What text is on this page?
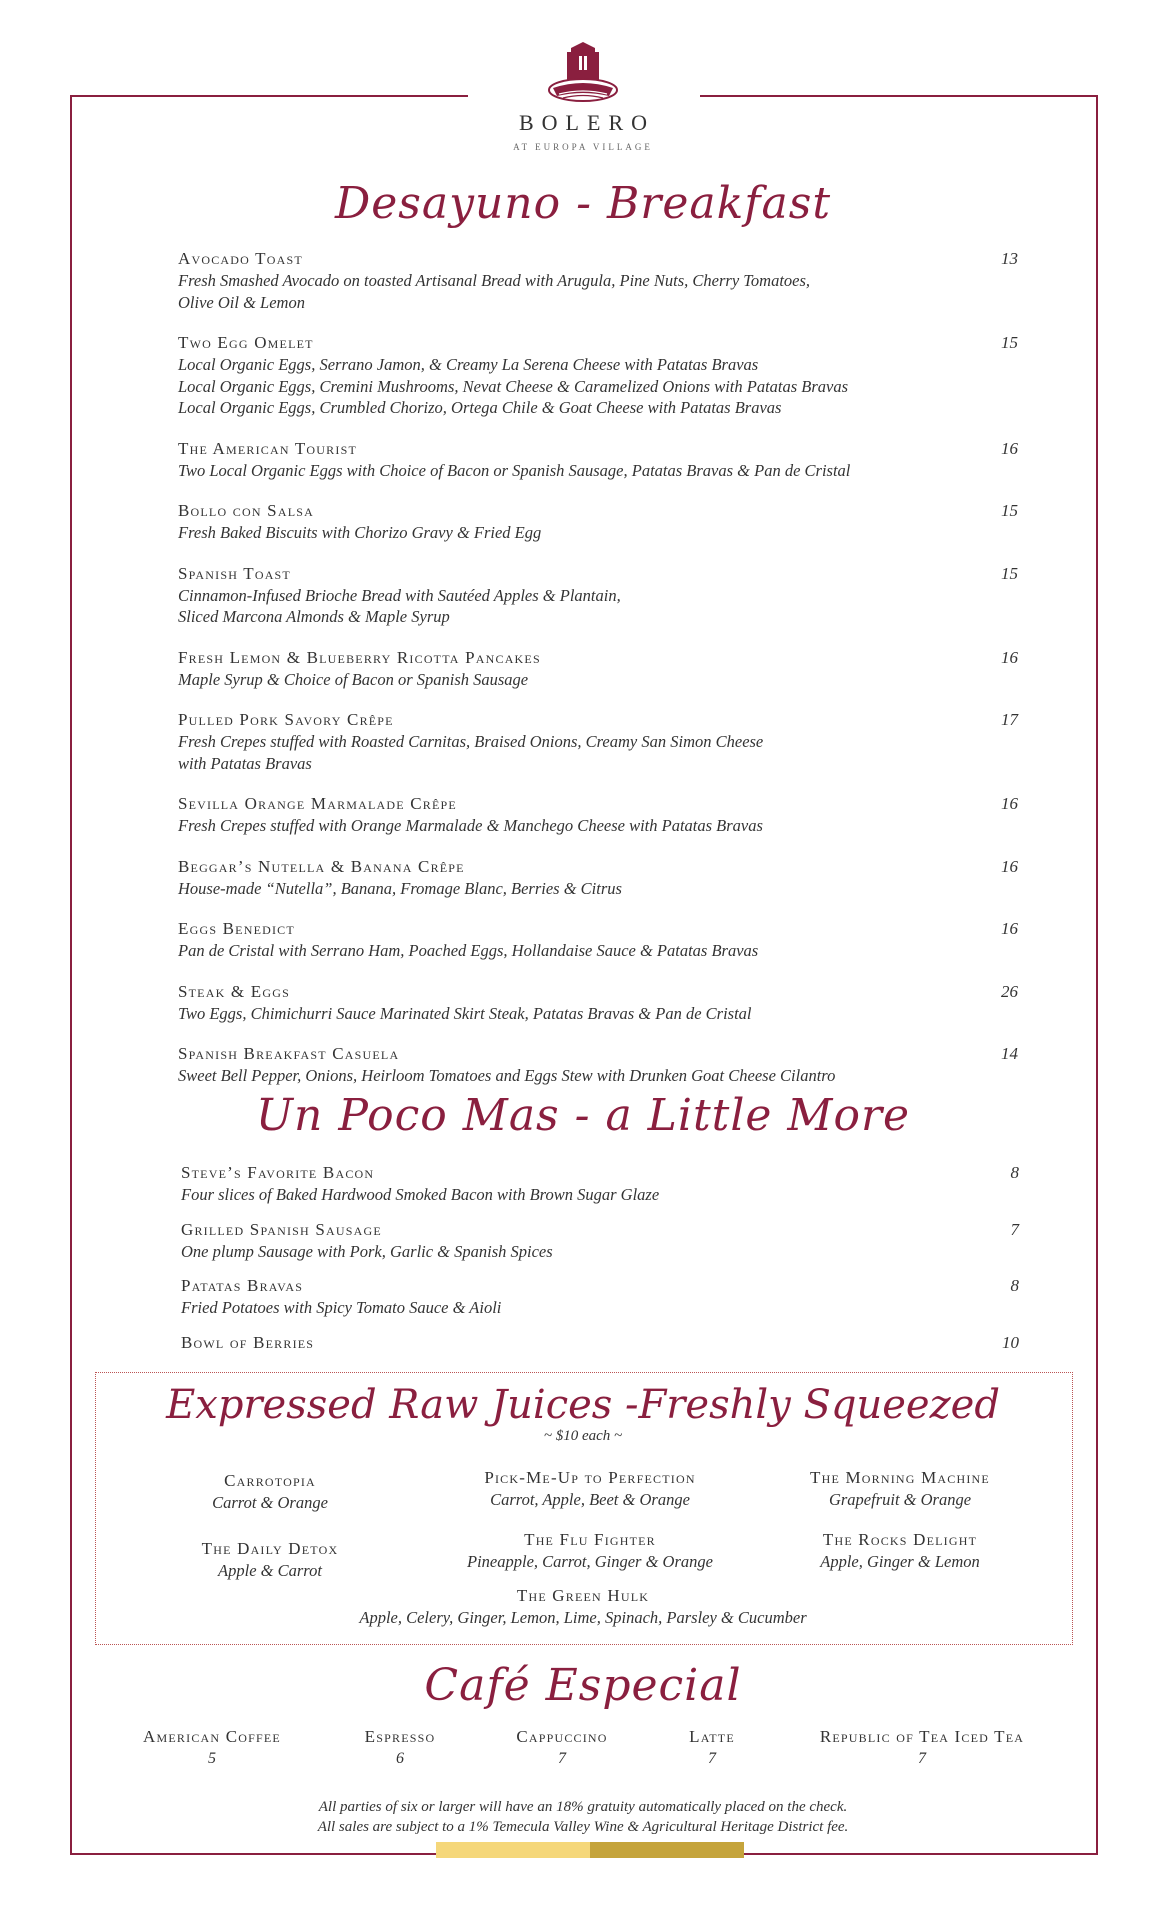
BOLERO
AT EUROPA VILLAGE
Desayuno - Breakfast
Avocado Toast	13
Fresh Smashed Avocado on toasted Artisanal Bread with Arugula, Pine Nuts, Cherry Tomatoes,
Olive Oil & Lemon
Two Egg Omelet	15
Local Organic Eggs, Serrano Jamon, & Creamy La Serena Cheese with Patatas Bravas
Local Organic Eggs, Cremini Mushrooms, Nevat Cheese & Caramelized Onions with Patatas Bravas
Local Organic Eggs, Crumbled Chorizo, Ortega Chile & Goat Cheese with Patatas Bravas
The American Tourist	16
Two Local Organic Eggs with Choice of Bacon or Spanish Sausage, Patatas Bravas & Pan de Cristal
Bollo con Salsa	15
Fresh Baked Biscuits with Chorizo Gravy & Fried Egg
Spanish Toast	15
Cinnamon-Infused Brioche Bread with Sautéed Apples & Plantain,
Sliced Marcona Almonds & Maple Syrup
Fresh Lemon & Blueberry Ricotta Pancakes	16
Maple Syrup & Choice of Bacon or Spanish Sausage
Pulled Pork Savory Crêpe	17
Fresh Crepes stuffed with Roasted Carnitas, Braised Onions, Creamy San Simon Cheese
with Patatas Bravas
Sevilla Orange Marmalade Crêpe	16
Fresh Crepes stuffed with Orange Marmalade & Manchego Cheese with Patatas Bravas
Beggar’s Nutella & Banana Crêpe	16
House-made “Nutella”, Banana, Fromage Blanc, Berries & Citrus
Eggs Benedict	16
Pan de Cristal with Serrano Ham, Poached Eggs, Hollandaise Sauce & Patatas Bravas
Steak & Eggs	26
Two Eggs, Chimichurri Sauce Marinated Skirt Steak, Patatas Bravas & Pan de Cristal
Spanish Breakfast Casuela	14
Sweet Bell Pepper, Onions, Heirloom Tomatoes and Eggs Stew with Drunken Goat Cheese Cilantro
Un Poco Mas - a Little More
Steve’s Favorite Bacon	8
Four slices of Baked Hardwood Smoked Bacon with Brown Sugar Glaze
Grilled Spanish Sausage	7
One plump Sausage with Pork, Garlic & Spanish Spices
Patatas Bravas	8
Fried Potatoes with Spicy Tomato Sauce & Aioli
Bowl of Berries	10
Expressed Raw Juices -Freshly Squeezed
~ $10 each ~
Carrotopia
Carrot & Orange
Pick-Me-Up to Perfection
Carrot, Apple, Beet & Orange
The Morning Machine
Grapefruit & Orange
The Daily Detox
Apple & Carrot
The Flu Fighter
Pineapple, Carrot, Ginger & Orange
The Rocks Delight
Apple, Ginger & Lemon
The Green Hulk
Apple, Celery, Ginger, Lemon, Lime, Spinach, Parsley & Cucumber
Café Especial
American Coffee
5
Espresso
6
Cappuccino
7
Latte
7
Republic of Tea Iced Tea
7
All parties of six or larger will have an 18% gratuity automatically placed on the check.
All sales are subject to a 1% Temecula Valley Wine & Agricultural Heritage District fee.
